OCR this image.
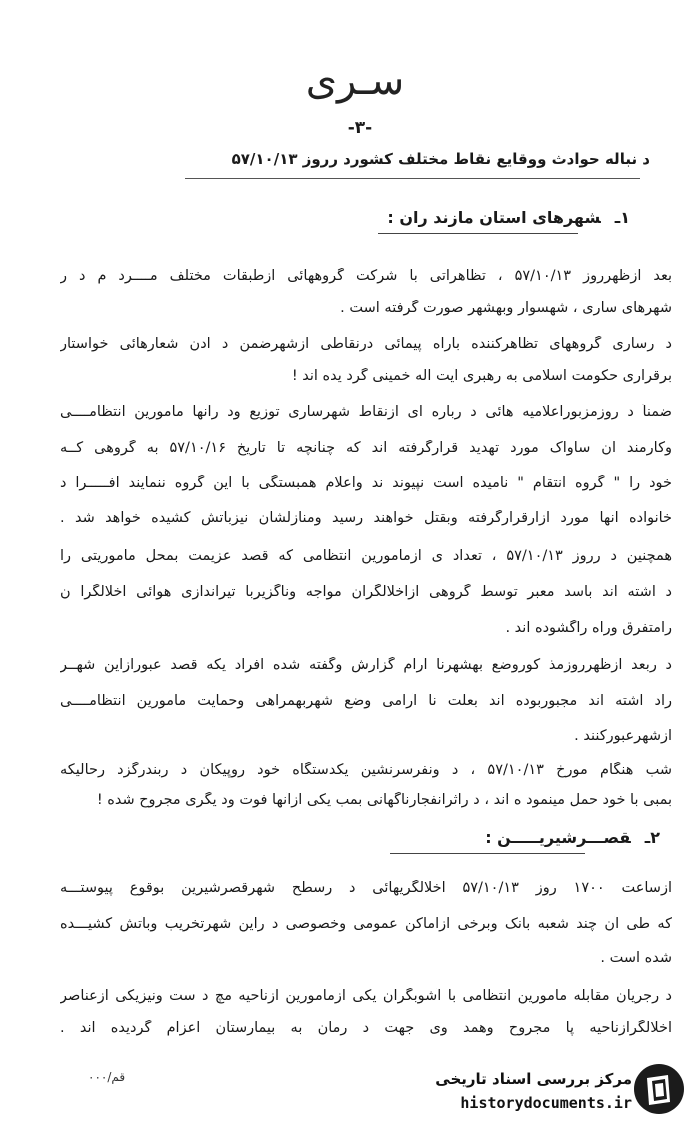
سـری
-۳-
د نباله حوادث ووقایع نقاط مختلف کشورد رروز ۵۷/۱۰/۱۳
۱ـشهرهای استان مازند ران :
بعد ازظهرروز ۵۷/۱۰/۱۳ ، تظاهراتی با شرکت گروههائی ازطبقات مختلف مــــرد م د ر
شهرهای ساری ، شهسوار وبهشهر صورت گرفته است .
د رساری گروههای تظاهرکننده باراه پیمائی درنقاطی ازشهرضمن د ادن شعارهائی خواستار
برقراری حکومت اسلامی به رهبری آیت اله خمینی گرد یده اند !
ضمناً د روزمزبوراعلامیه هائی د رباره ای ازنقاط شهرساری توزیع ود رآنها مامورین انتظامــــی
وکارمند ان ساواک مورد تهدید قرارگرفته اند که چنانچه تا تاریخ ۵۷/۱۰/۱۶ به گروهی کــه
خود را " گروه انتقام " نامیده است نپیوند ند واعلام همبستگی با این گروه ننمایند افـــــرا د
خانواده آنها مورد آزارقرارگرفته وبقتل خواهند رسید ومنازلشان نیزبآتش کشیده خواهد شد .
همچنین د رروز ۵۷/۱۰/۱۳ ، تعداد ی ازمامورین انتظامی که قصد عزیمت بمحل ماموریتی را
د اشته اند باسد معبر توسط گروهی ازاخلالگران مواجه وناگزیربا تیراندازی هوائی اخلالگرا ن
رامتفرق وراه راگشوده اند .
د ربعد ازظهرروزمذ کوروضع بهشهرنا آرام گزارش وگفته شده افراد یکه قصد عبورازاین شهــر
راد اشته اند مجبوربوده اند بعلت نا آرامی وضع شهربهمراهی وحمایت مامورین انتظامــــی
ازشهرعبورکنند .
شب هنگام مورخ ۵۷/۱۰/۱۳ ، د ونفرسرنشین یکدستگاه خود روپیکان د ربندرگزد رحالیکه
بمبی با خود حمل مینمود ه اند ، د راثرانفجارناگهانی بمب یکی ازآنها فوت ود یگری مجروح شده !
۲ـقصـــرشیریـــــن :
ازساعت ۱۷۰۰ روز ۵۷/۱۰/۱۳ اخلالگریهائی د رسطح شهرقصرشیرین بوقوع پیوستـــه
که طی آن چند شعبه بانک وبرخی ازاماکن عمومی وخصوصی د راین شهرتخریب وبآتش کشیـــده
شده است .
د رجریان مقابله مامورین انتظامی با آشوبگران یکی ازمامورین ازناحیه مچ د ست ونیزیکی ازعناصر
اخلالگرازناحیه پا مجروح وهمد وی جهت د رمان به بیمارستان اعزام گردیده اند .
قم/۰۰۰	مرکز بررسی اسناد تاریخی
historydocuments.ir
